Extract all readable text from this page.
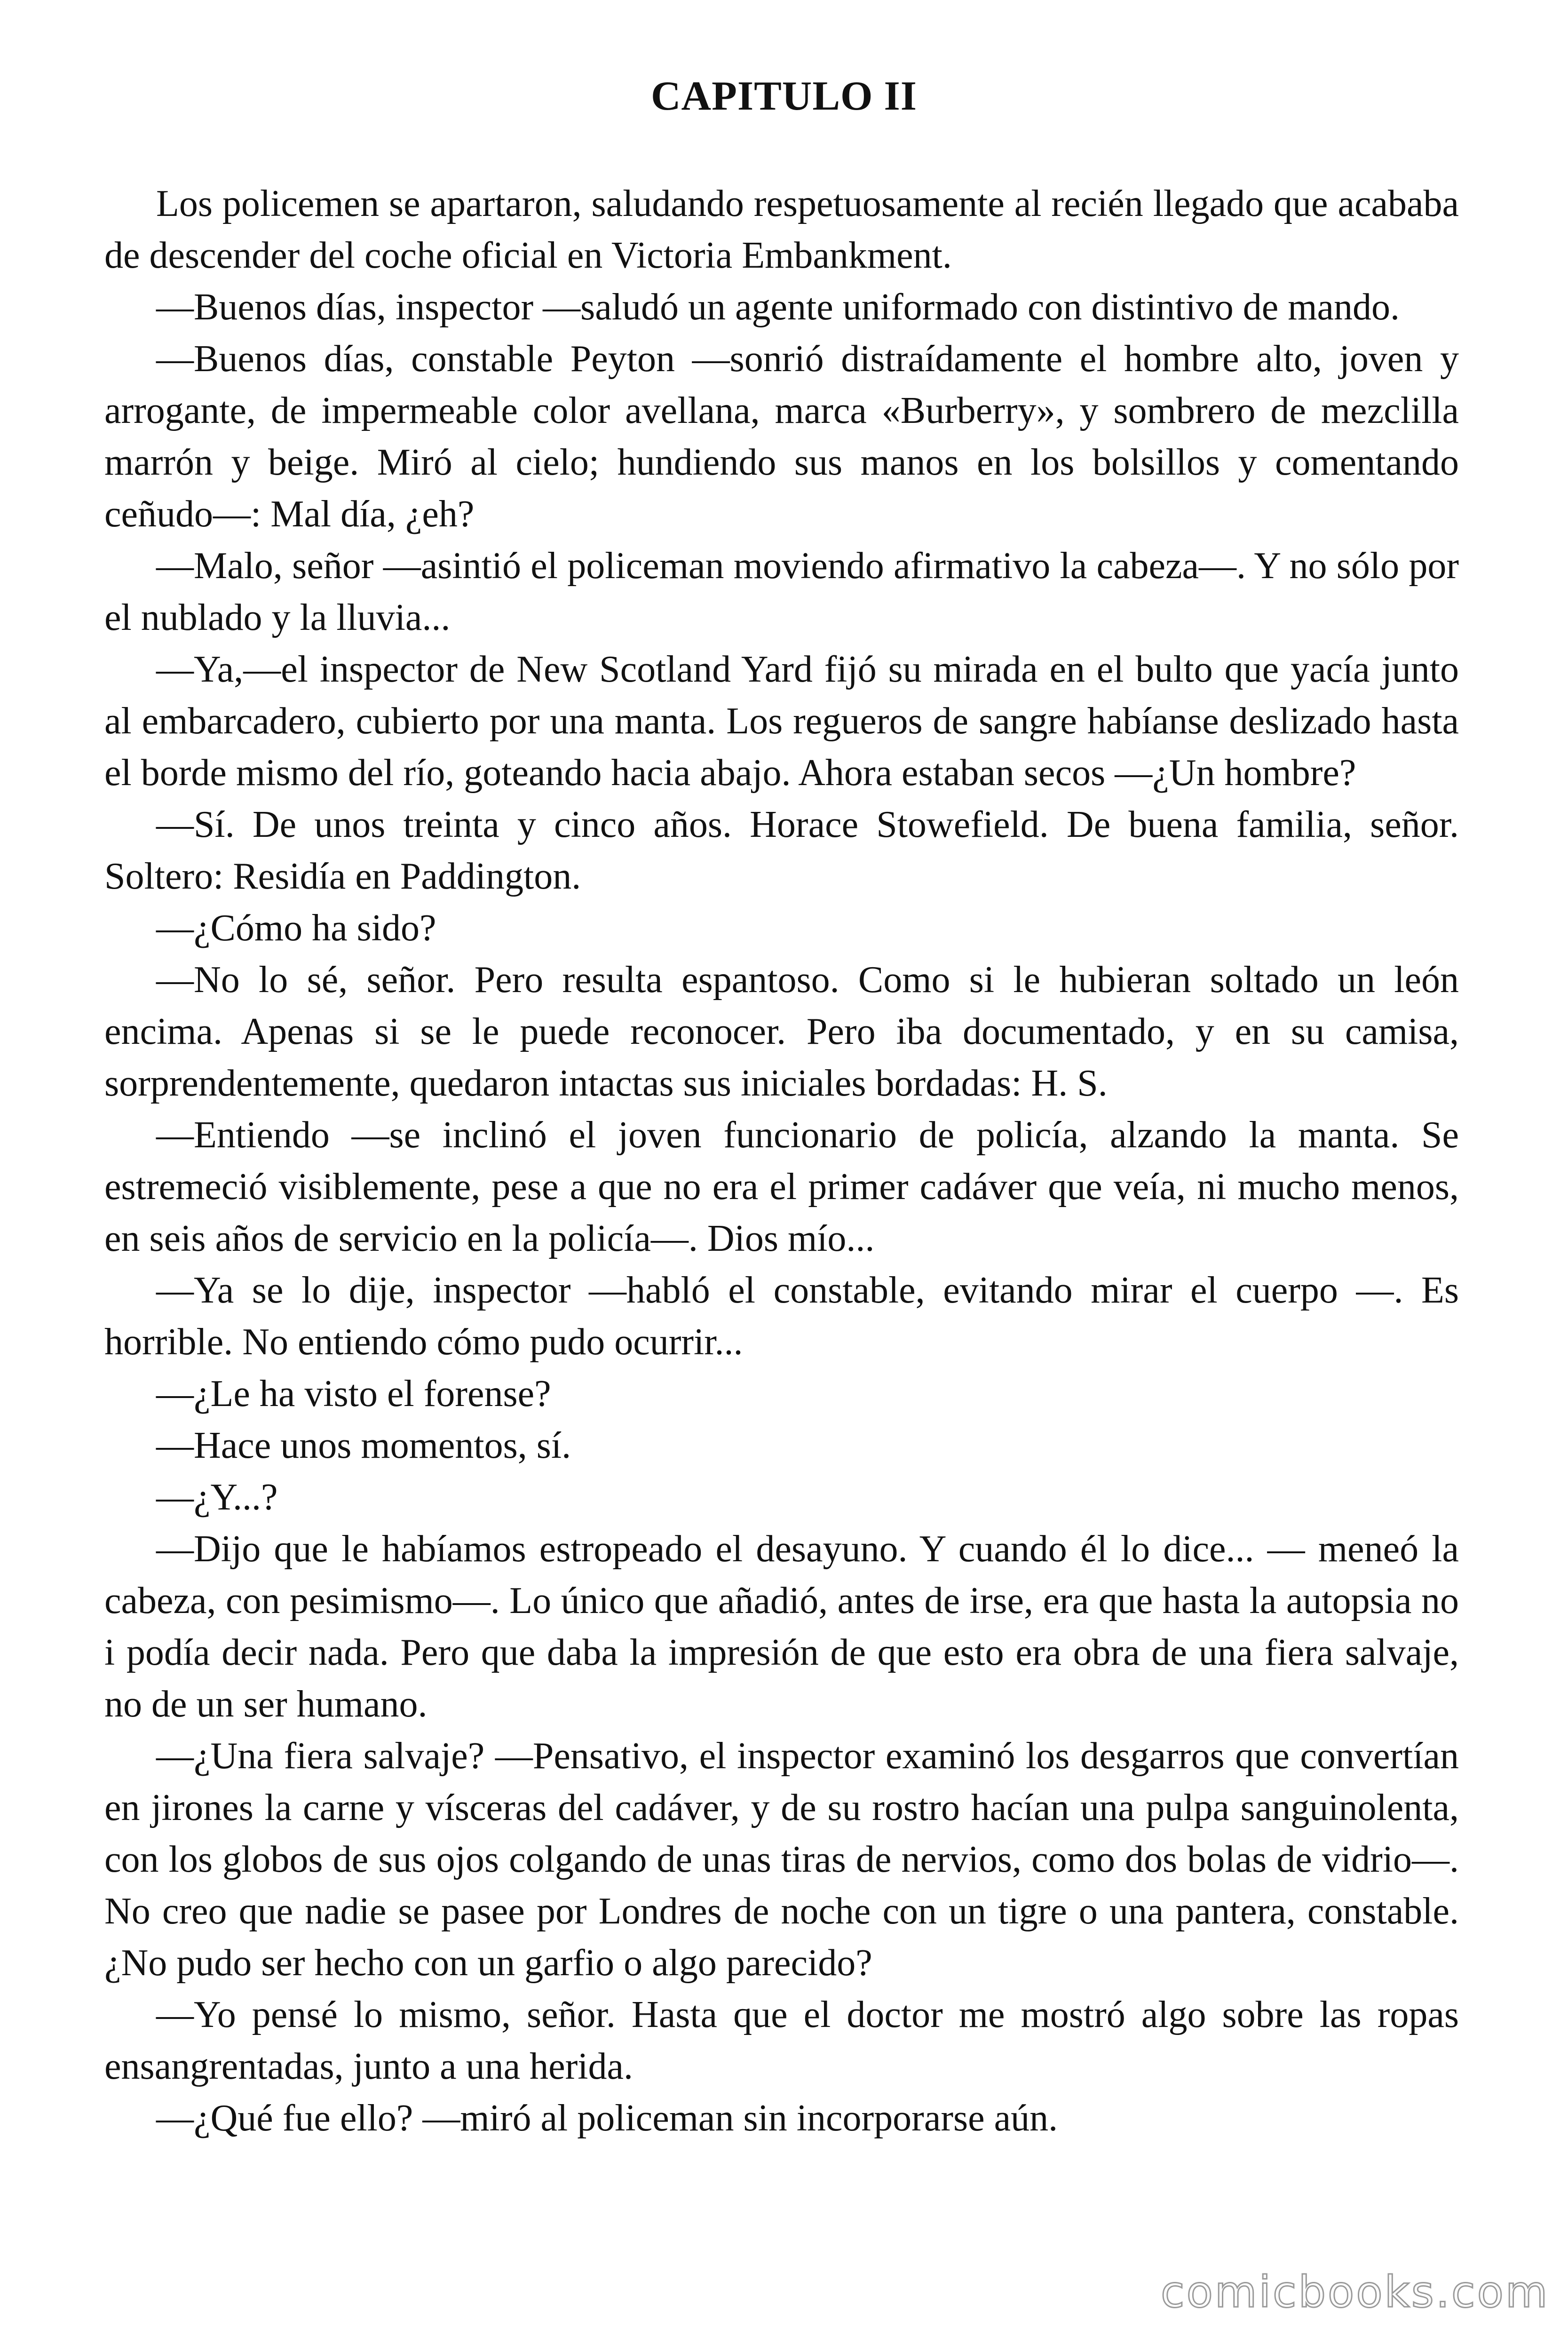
CAPITULO II

Los policemen se apartaron, saludando respetuosamente al recién llegado que acababa de descender del coche oficial en Victoria Embankment.

—Buenos días, inspector —saludó un agente uniformado con distintivo de mando.

—Buenos días, constable Peyton —sonrió distraídamente el hombre alto, joven y arrogante, de impermeable color avellana, marca «Burberry», y sombrero de mezclilla marrón y beige. Miró al cielo; hundiendo sus manos en los bolsillos y comentando ceñudo—: Mal día, ¿eh?

—Malo, señor —asintió el policeman moviendo afirmativo la cabeza—. Y no sólo por el nublado y la lluvia...

—Ya,—el inspector de New Scotland Yard fijó su mirada en el bulto que yacía junto al embarcadero, cubierto por una manta. Los regueros de sangre habíanse deslizado hasta el borde mismo del río, goteando hacia abajo. Ahora estaban secos —¿Un hombre?

—Sí. De unos treinta y cinco años. Horace Stowefield. De buena familia, señor. Soltero: Residía en Paddington.

—¿Cómo ha sido?

—No lo sé, señor. Pero resulta espantoso. Como si le hubieran soltado un león encima. Apenas si se le puede reconocer. Pero iba documentado, y en su camisa, sorprendentemente, quedaron intactas sus iniciales bordadas: H. S.

—Entiendo —se inclinó el joven funcionario de policía, alzando la manta. Se estremeció visiblemente, pese a que no era el primer cadáver que veía, ni mucho menos, en seis años de servicio en la policía—. Dios mío...

—Ya se lo dije, inspector —habló el constable, evitando mirar el cuerpo —. Es horrible. No entiendo cómo pudo ocurrir...

—¿Le ha visto el forense?

—Hace unos momentos, sí.

—¿Y...?

—Dijo que le habíamos estropeado el desayuno. Y cuando él lo dice... — meneó la cabeza, con pesimismo—. Lo único que añadió, antes de irse, era que hasta la autopsia no i podía decir nada. Pero que daba la impresión de que esto era obra de una fiera salvaje, no de un ser humano.

—¿Una fiera salvaje? —Pensativo, el inspector examinó los desgarros que convertían en jirones la carne y vísceras del cadáver, y de su rostro hacían una pulpa sanguinolenta, con los globos de sus ojos colgando de unas tiras de nervios, como dos bolas de vidrio—. No creo que nadie se pasee por Londres de noche con un tigre o una pantera, constable. ¿No pudo ser hecho con un garfio o algo parecido?

—Yo pensé lo mismo, señor. Hasta que el doctor me mostró algo sobre las ropas ensangrentadas, junto a una herida.

—¿Qué fue ello? —miró al policeman sin incorporarse aún.

comicbooks.com
